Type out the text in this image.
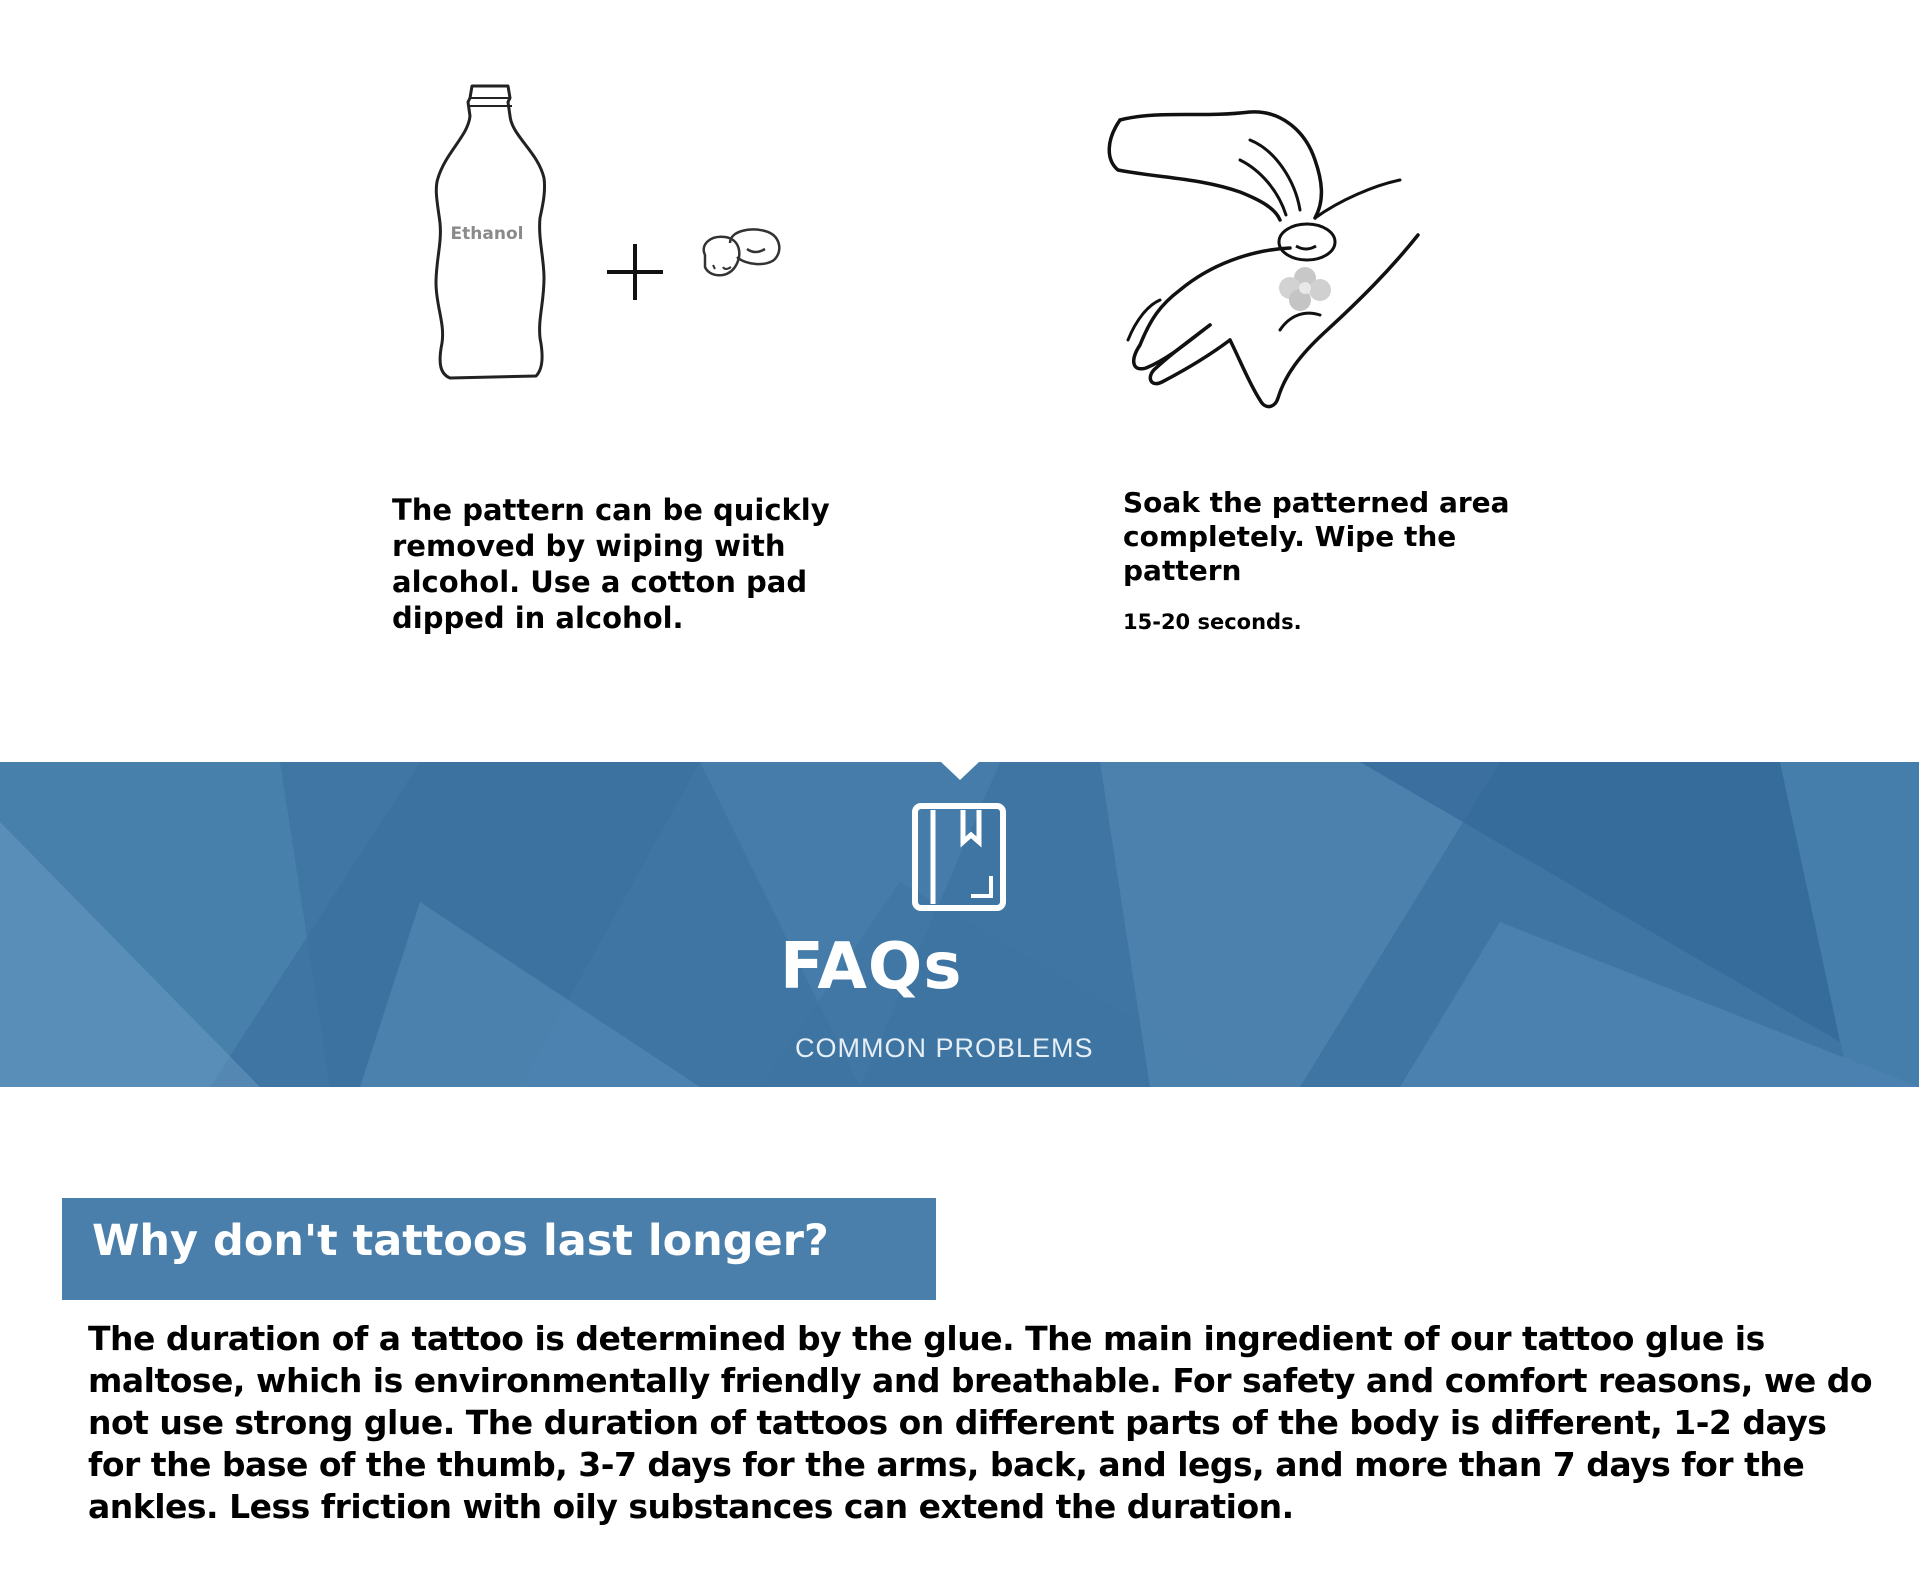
Ethanol

The pattern can be quickly removed by wiping with alcohol. Use a cotton pad dipped in alcohol.

Soak the patterned area completely. Wipe the pattern

15-20 seconds.
FAQs
COMMON PROBLEMS
Why don't tattoos last longer?

The duration of a tattoo is determined by the glue. The main ingredient of our tattoo glue is maltose, which is environmentally friendly and breathable. For safety and comfort reasons, we do not use strong glue. The duration of tattoos on different parts of the body is different, 1-2 days for the base of the thumb, 3-7 days for the arms, back, and legs, and more than 7 days for the ankles. Less friction with oily substances can extend the duration.
